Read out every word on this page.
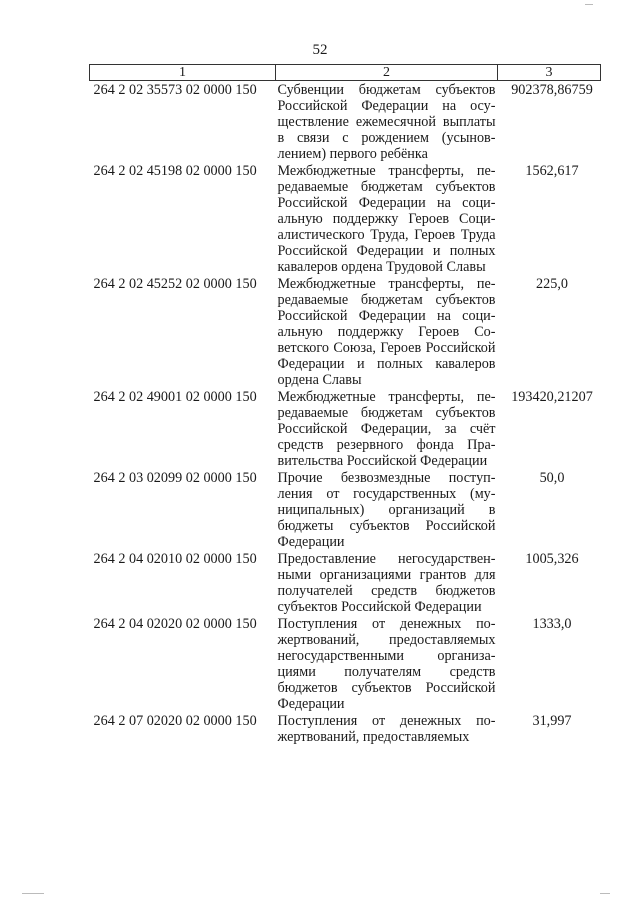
52
1	2	3
264 2 02 35573 02 0000 150	Субвенции бюджетам субъектов Российской Федерации на осуществление ежемесячной выплаты в связи с рождением (усыновлением) первого ребёнка	902378,86759
264 2 02 45198 02 0000 150	Межбюджетные трансферты, передаваемые бюджетам субъектов Российской Федерации на социальную поддержку Героев Социалистического Труда, Героев Труда Российской Федерации и полных кавалеров ордена Трудовой Славы	1562,617
264 2 02 45252 02 0000 150	Межбюджетные трансферты, передаваемые бюджетам субъектов Российской Федерации на социальную поддержку Героев Советского Союза, Героев Российской Федерации и полных кавалеров ордена Славы	225,0
264 2 02 49001 02 0000 150	Межбюджетные трансферты, передаваемые бюджетам субъектов Российской Федерации, за счёт средств резервного фонда Правительства Российской Федерации	193420,21207
264 2 03 02099 02 0000 150	Прочие безвозмездные поступления от государственных (муниципальных) организаций в бюджеты субъектов Российской Федерации	50,0
264 2 04 02010 02 0000 150	Предоставление негосударственными организациями грантов для получателей средств бюджетов субъектов Российской Федерации	1005,326
264 2 04 02020 02 0000 150	Поступления от денежных пожертвований, предоставляемых негосударственными организациями получателям средств бюджетов субъектов Российской Федерации	1333,0
264 2 07 02020 02 0000 150	Поступления от денежных пожертвований, предоставляемых	31,997
